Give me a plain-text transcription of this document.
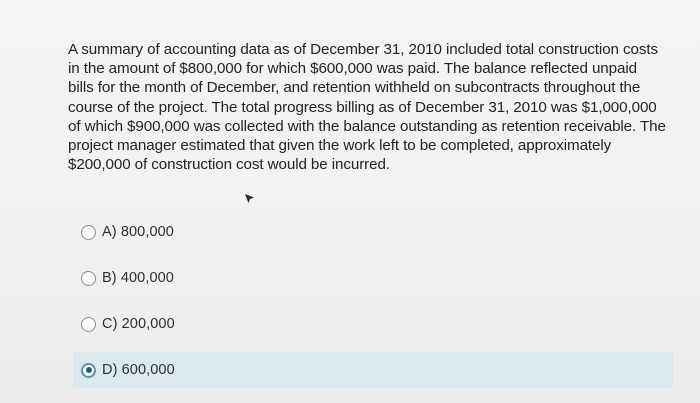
A summary of accounting data as of December 31, 2010 included total construction costs in the amount of $800,000 for which $600,000 was paid. The balance reflected unpaid bills for the month of December, and retention withheld on subcontracts throughout the course of the project. The total progress billing as of December 31, 2010 was $1,000,000 of which $900,000 was collected with the balance outstanding as retention receivable. The project manager estimated that given the work left to be completed, approximately $200,000 of construction cost would be incurred.
A) 800,000
B) 400,000
C) 200,000
D) 600,000
